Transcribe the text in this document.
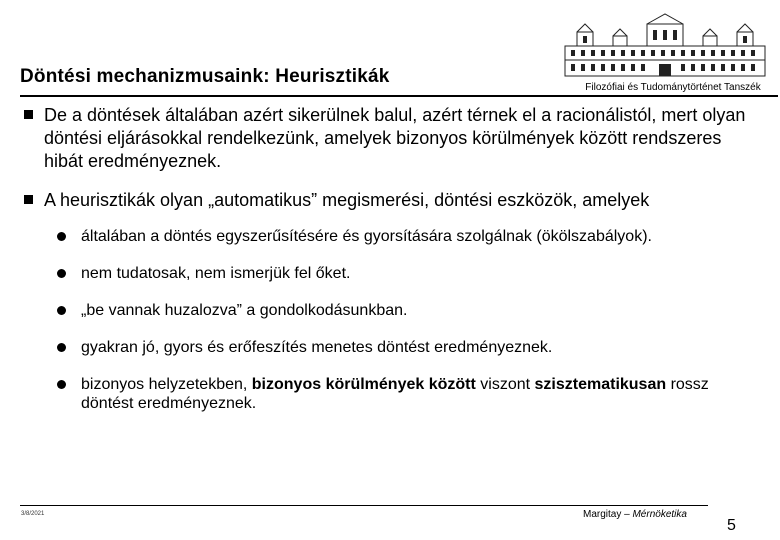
Döntési mechanizmusaink: Heurisztikák
Filozófiai és Tudománytörténet Tanszék
De a döntések általában azért sikerülnek balul, azért térnek el a racionálistól, mert olyan döntési eljárásokkal rendelkezünk, amelyek bizonyos körülmények között rendszeres hibát eredményeznek.
A heurisztikák olyan „automatikus” megismerési, döntési eszközök, amelyek
általában a döntés egyszerűsítésére és gyorsítására szolgálnak (ökölszabályok).
nem tudatosak, nem ismerjük fel őket.
„be vannak huzalozva” a gondolkodásunkban.
gyakran jó, gyors és erőfeszítés menetes döntést eredményeznek.
bizonyos helyzetekben, bizonyos körülmények között viszont szisztematikusan rossz döntést eredményeznek.
3/8/2021	Margitay – Mérnöketika
5
